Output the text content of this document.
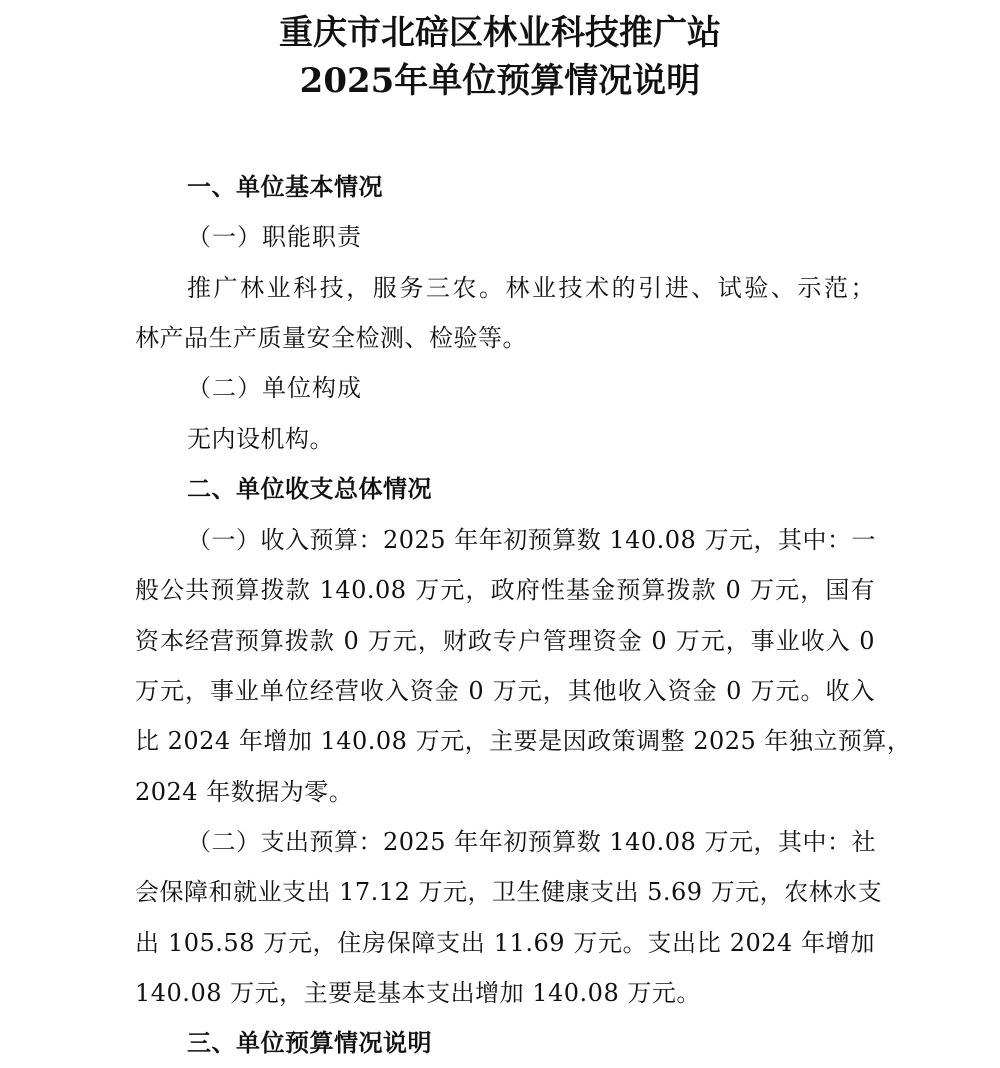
重庆市北碚区林业科技推广站
2025年单位预算情况说明
一、单位基本情况
（一）职能职责
推广林业科技，服务三农。林业技术的引进、试验、示范；
林产品生产质量安全检测、检验等。
（二）单位构成
无内设机构。
二、单位收支总体情况
（一）收入预算：2025 年年初预算数 140.08 万元，其中：一
般公共预算拨款 140.08 万元，政府性基金预算拨款 0 万元，国有
资本经营预算拨款 0 万元，财政专户管理资金 0 万元，事业收入 0
万元，事业单位经营收入资金 0 万元，其他收入资金 0 万元。收入
比 2024 年增加 140.08 万元，主要是因政策调整 2025 年独立预算，
2024 年数据为零。
（二）支出预算：2025 年年初预算数 140.08 万元，其中：社
会保障和就业支出 17.12 万元，卫生健康支出 5.69 万元，农林水支
出 105.58 万元，住房保障支出 11.69 万元。支出比 2024 年增加
140.08 万元，主要是基本支出增加 140.08 万元。
三、单位预算情况说明
